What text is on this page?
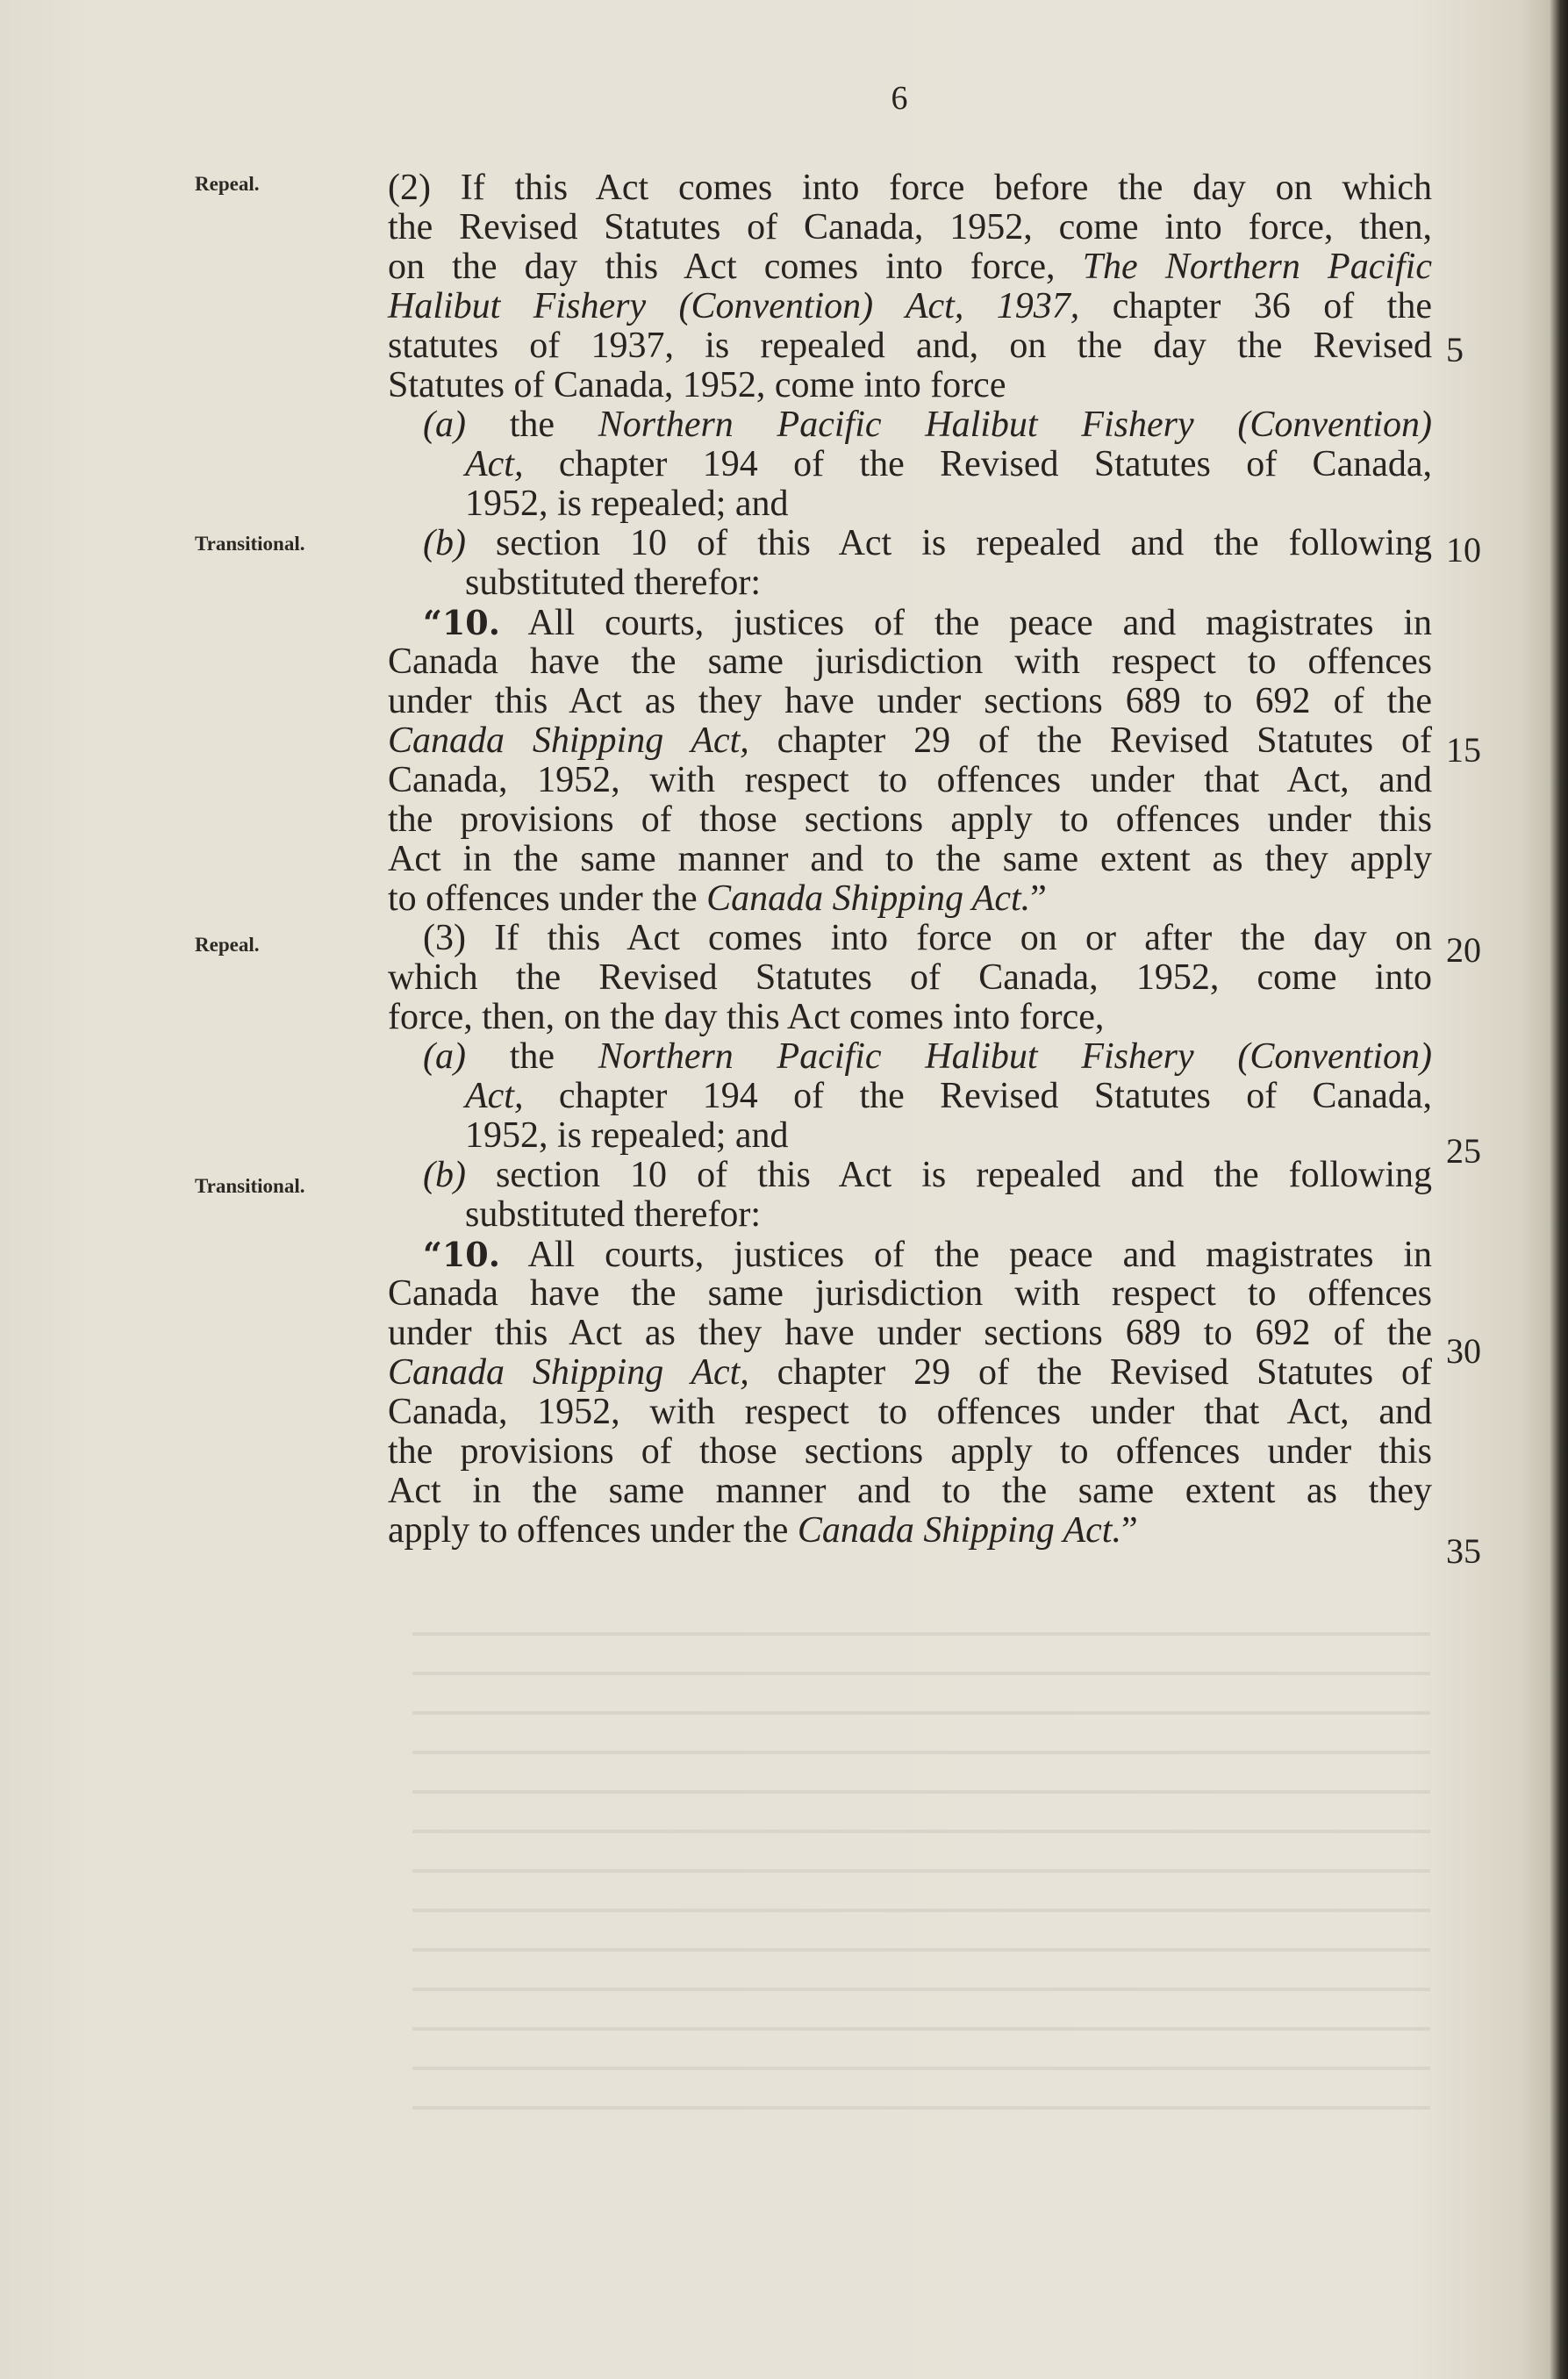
6
Repeal.
Transitional.
Repeal.
Transitional.
5
10
15
20
25
30
35
(2) If this Act comes into force before the day on which
the Revised Statutes of Canada, 1952, come into force, then,
on the day this Act comes into force, The Northern Pacific
Halibut Fishery (Convention) Act, 1937, chapter 36 of the
statutes of 1937, is repealed and, on the day the Revised
Statutes of Canada, 1952, come into force
(a) the Northern Pacific Halibut Fishery (Convention)
Act, chapter 194 of the Revised Statutes of Canada,
1952, is repealed; and
(b) section 10 of this Act is repealed and the following
substituted therefor:
“10. All courts, justices of the peace and magistrates in
Canada have the same jurisdiction with respect to offences
under this Act as they have under sections 689 to 692 of the
Canada Shipping Act, chapter 29 of the Revised Statutes of
Canada, 1952, with respect to offences under that Act, and
the provisions of those sections apply to offences under this
Act in the same manner and to the same extent as they apply
to offences under the Canada Shipping Act.”
(3) If this Act comes into force on or after the day on
which the Revised Statutes of Canada, 1952, come into
force, then, on the day this Act comes into force,
(a) the Northern Pacific Halibut Fishery (Convention)
Act, chapter 194 of the Revised Statutes of Canada,
1952, is repealed; and
(b) section 10 of this Act is repealed and the following
substituted therefor:
“10. All courts, justices of the peace and magistrates in
Canada have the same jurisdiction with respect to offences
under this Act as they have under sections 689 to 692 of the
Canada Shipping Act, chapter 29 of the Revised Statutes of
Canada, 1952, with respect to offences under that Act, and
the provisions of those sections apply to offences under this
Act in the same manner and to the same extent as they
apply to offences under the Canada Shipping Act.”
